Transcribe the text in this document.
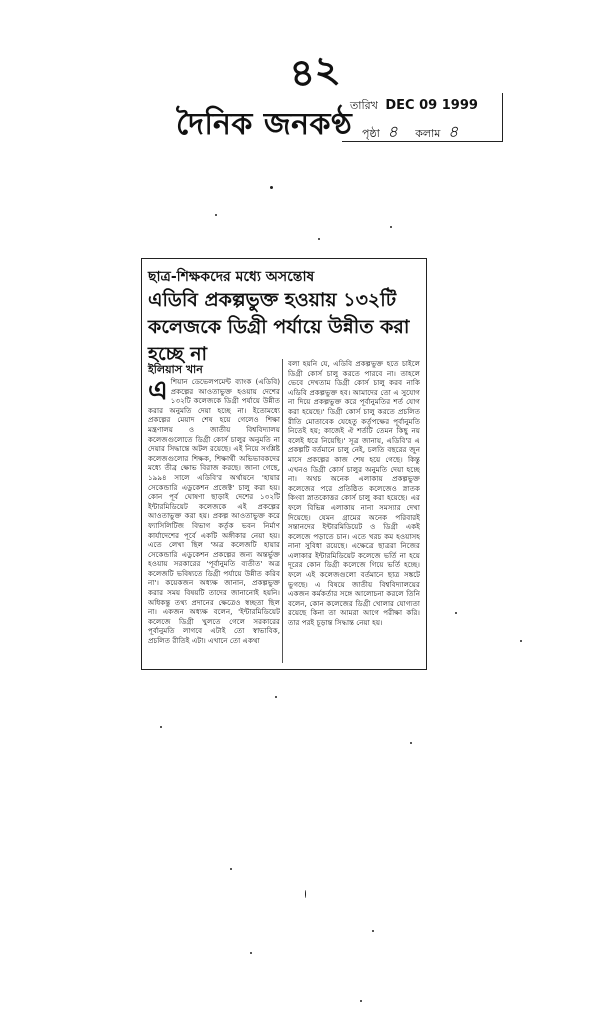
৪২
দৈনিক জনকণ্ঠ
তারিখ DEC 09 1999
পৃষ্ঠা ৪ কলাম ৪
ছাত্র-শিক্ষকদের মধ্যে অসন্তোষ
এডিবি প্রকল্পভুক্ত হওয়ায় ১৩২টি কলেজকে ডিগ্রী পর্যায়ে উন্নীত করা হচ্ছে না
ইলিয়াস খান
এ শিয়ান ডেভেলপমেন্ট ব্যাংক (এডিবি) প্রকল্পের আওতাভুক্ত হওয়ায় দেশের ১৩২টি কলেজকে ডিগ্রী পর্যায়ে উন্নীত করার অনুমতি দেয়া হচ্ছে না। ইতোমধ্যে প্রকল্পের মেয়াদ শেষ হয়ে গেলেও শিক্ষা মন্ত্রণালয় ও জাতীয় বিশ্ববিদ্যালয় কলেজগুলোতে ডিগ্রী কোর্স চালুর অনুমতি না দেয়ার সিদ্ধান্তে অটল রয়েছে। এই নিয়ে সংশ্লিষ্ট কলেজগুলোর শিক্ষক, শিক্ষার্থী অভিভাবকদের মধ্যে তীব্র ক্ষোভ বিরাজ করছে। জানা গেছে, ১৯৯৪ সালে এডিবি'র অর্থায়নে 'হায়ার সেকেন্ডারি এডুকেশন প্রজেক্ট' চালু করা হয়। কোন পূর্ব ঘোষণা ছাড়াই দেশের ১৩২টি ইন্টারমিডিয়েট কলেজকে এই প্রকল্পের আওতাভুক্ত করা হয়। প্রকল্প আওতাভুক্ত করে ফ্যাসিলিটিজ বিভাগ কর্তৃক ভবন নির্মাণ কার্যাদেশের পূর্বে একটি অঙ্গীকার নেয়া হয়। এতে লেখা ছিল 'অত্র কলেজটি হায়ার সেকেন্ডারি এডুকেশন প্রকল্পের জন্য অন্তর্ভুক্ত হওয়ায় সরকারের 'পূর্বানুমতি ব্যতীত' অত্র কলেজটি ভবিষ্যতে ডিগ্রী পর্যায়ে উন্নীত করিব না'। কয়েকজন অধ্যক্ষ জানান, প্রকল্পভুক্ত করার সময় বিষয়টি তাদের জানানোই হয়নি। অধিকন্তু তথ্য প্রদানের ক্ষেত্রেও স্বচ্ছতা ছিল না। একজন অধ্যক্ষ বলেন, 'ইন্টারমিডিয়েট কলেজে ডিগ্রী খুলতে গেলে সরকারের পূর্বানুমতি লাগবে এটাই তো স্বাভাবিক, প্রচলিত রীতিই এটা। এখানে তো একথা
বলা হয়নি যে, এডিবি প্রকল্পভুক্ত হতে চাইলে ডিগ্রী কোর্স চালু করতে পারবে না। তাহলে ভেবে দেখতাম ডিগ্রী কোর্স চালু করব নাকি এডিবি প্রকল্পভুক্ত হব। আমাদের তো এ সুযোগ না দিয়ে প্রকল্পভুক্ত করে পূর্বানুমতির শর্ত যোগ করা হয়েছে।' ডিগ্রী কোর্স চালু করতে প্রচলিত রীতি মোতাবেক যেহেতু কর্তৃপক্ষের পূর্বানুমতি নিতেই হয়; কাজেই ঐ শর্তটি তেমন কিছু নয় বলেই ধরে নিয়েছি।' সূত্র জানায়, এডিবি'র এ প্রকল্পটি বর্তমানে চালু নেই, চলতি বছরের জুন মাসে প্রকল্পের কাজ শেষ হয়ে গেছে। কিন্তু এখনও ডিগ্রী কোর্স চালুর অনুমতি দেয়া হচ্ছে না। অথচ অনেক এলাকায় প্রকল্পভুক্ত কলেজের পরে প্রতিষ্ঠিত কলেজেও স্নাতক কিংবা স্নাতকোত্তর কোর্স চালু করা হয়েছে। এর ফলে বিভিন্ন এলাকায় নানা সমস্যার দেখা দিয়েছে। যেমন গ্রামের অনেক পরিবারই সন্তানদের ইন্টারমিডিয়েট ও ডিগ্রী একই কলেজে পড়াতে চান। এতে খরচ কম হওয়াসহ নানা সুবিধা রয়েছে। এক্ষেত্রে ছাত্ররা নিজের এলাকার ইন্টারমিডিয়েট কলেজে ভর্তি না হয়ে দূরের কোন ডিগ্রী কলেজে গিয়ে ভর্তি হচ্ছে। ফলে এই কলেজগুলো বর্তমানে ছাত্র সঙ্কটে ভুগছে। এ বিষয়ে জাতীয় বিশ্ববিদ্যালয়ের একজন কর্মকর্তার সঙ্গে আলোচনা করলে তিনি বলেন, কোন কলেজের ডিগ্রী খোলার যোগ্যতা রয়েছে কিনা তা আমরা আগে পরীক্ষা করি। তার পরই চূড়ান্ত সিদ্ধান্ত নেয়া হয়।
